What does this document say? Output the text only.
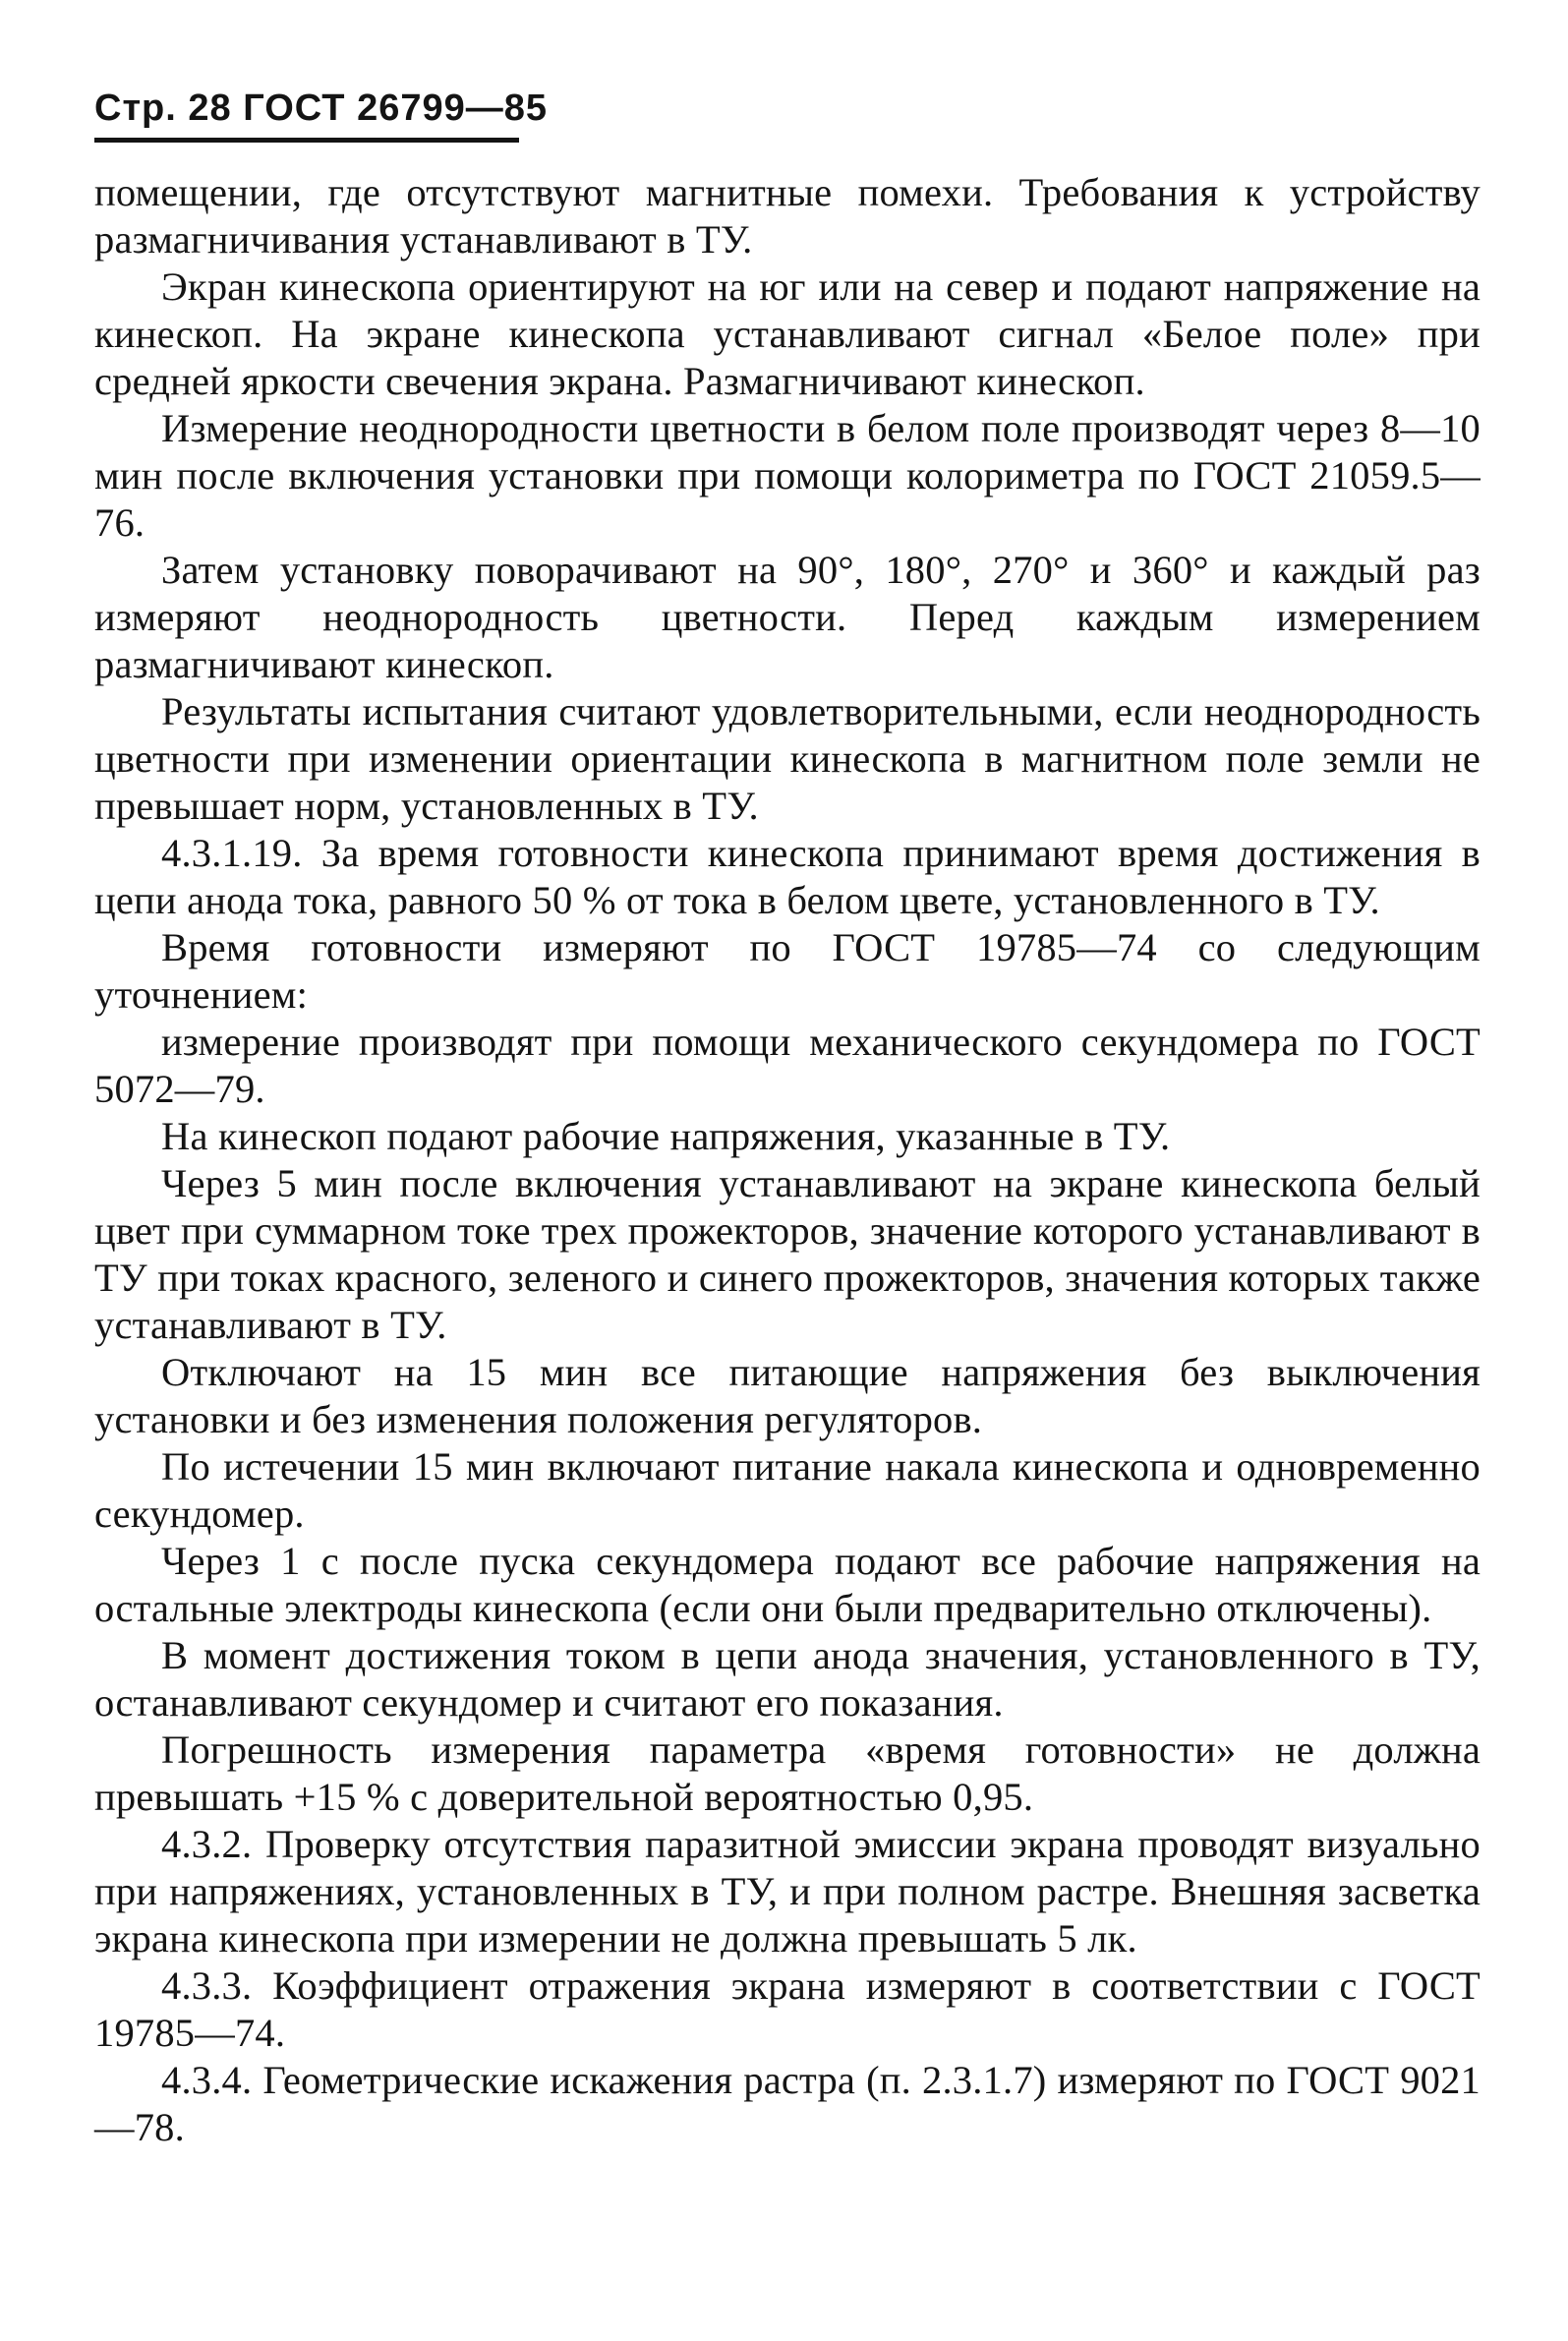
Стр. 28 ГОСТ 26799—85

помещении, где отсутствуют магнитные помехи. Требования к устройству размагничивания устанавливают в ТУ.

Экран кинескопа ориентируют на юг или на север и подают напряжение на кинескоп. На экране кинескопа устанавливают сигнал «Белое поле» при средней яркости свечения экрана. Размагничивают кинескоп.

Измерение неоднородности цветности в белом поле производят через 8—10 мин после включения установки при помощи колориметра по ГОСТ 21059.5—76.

Затем установку поворачивают на 90°, 180°, 270° и 360° и каждый раз измеряют неоднородность цветности. Перед каждым измерением размагничивают кинескоп.

Результаты испытания считают удовлетворительными, если неоднородность цветности при изменении ориентации кинескопа в магнитном поле земли не превышает норм, установленных в ТУ.

4.3.1.19. За время готовности кинескопа принимают время достижения в цепи анода тока, равного 50 % от тока в белом цвете, установленного в ТУ.

Время готовности измеряют по ГОСТ 19785—74 со следующим уточнением:

измерение производят при помощи механического секундомера по ГОСТ 5072—79.

На кинескоп подают рабочие напряжения, указанные в ТУ.

Через 5 мин после включения устанавливают на экране кинескопа белый цвет при суммарном токе трех прожекторов, значение которого устанавливают в ТУ при токах красного, зеленого и синего прожекторов, значения которых также устанавливают в ТУ.

Отключают на 15 мин все питающие напряжения без выключения установки и без изменения положения регуляторов.

По истечении 15 мин включают питание накала кинескопа и одновременно секундомер.

Через 1 с после пуска секундомера подают все рабочие напряжения на остальные электроды кинескопа (если они были предварительно отключены).

В момент достижения током в цепи анода значения, установленного в ТУ, останавливают секундомер и считают его показания.

Погрешность измерения параметра «время готовности» не должна превышать +15 % с доверительной вероятностью 0,95.

4.3.2. Проверку отсутствия паразитной эмиссии экрана проводят визуально при напряжениях, установленных в ТУ, и при полном растре. Внешняя засветка экрана кинескопа при измерении не должна превышать 5 лк.

4.3.3. Коэффициент отражения экрана измеряют в соответствии с ГОСТ 19785—74.

4.3.4. Геометрические искажения растра (п. 2.3.1.7) измеряют по ГОСТ 9021—78.
